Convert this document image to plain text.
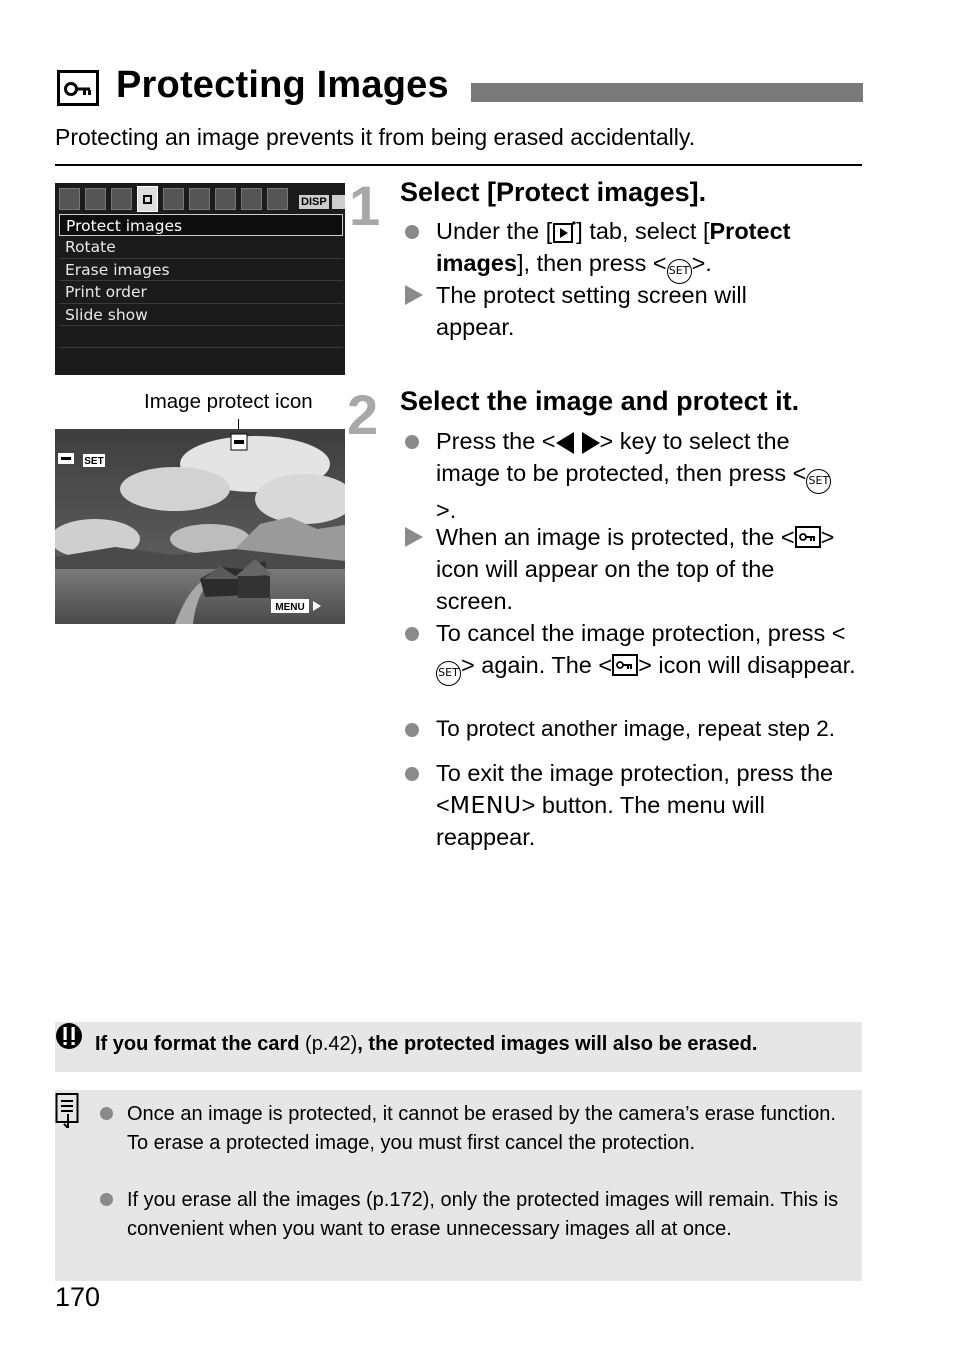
Protecting Images
Protecting an image prevents it from being erased accidentally.
DISP
Protect images
Rotate
Erase images
Print order
Slide show
1 Select [Protect images].
Under the [ ] tab, select [Protect images], then press < SET>.
The protect setting screen will appear.
Image protect icon
SET
MENU
2 Select the image and protect it.
Press the < > key to select the image to be protected, then press < SET>.
When an image is protected, the < > icon will appear on the top of the screen.
To cancel the image protection, press <SET> again. The < > icon will disappear.
To protect another image, repeat step 2.
To exit the image protection, press the <MENU> button. The menu will reappear.
If you format the card (p.42), the protected images will also be erased.
Once an image is protected, it cannot be erased by the camera’s erase function. To erase a protected image, you must first cancel the protection.
If you erase all the images (p.172), only the protected images will remain. This is convenient when you want to erase unnecessary images all at once.
170
